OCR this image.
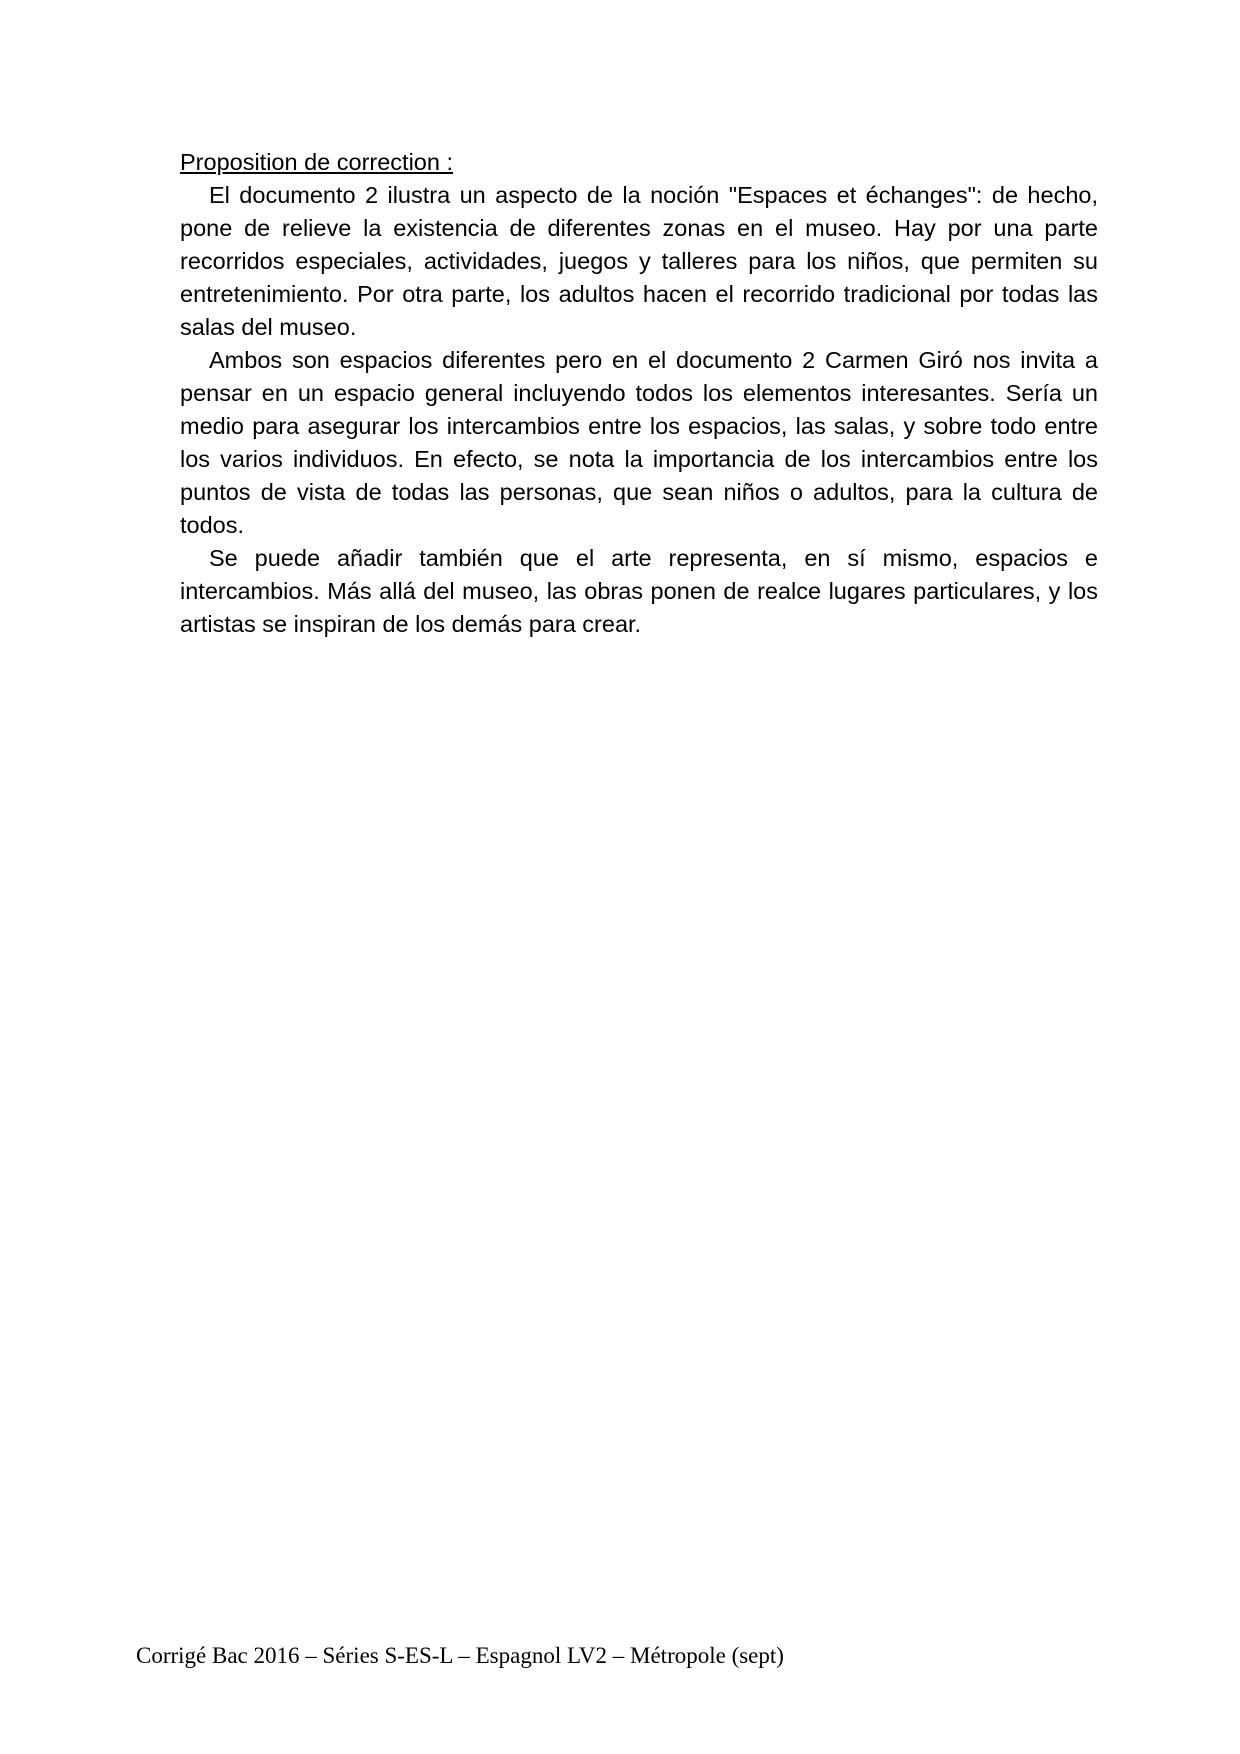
Proposition de correction :

El documento 2 ilustra un aspecto de la noción "Espaces et échanges": de hecho, pone de relieve la existencia de diferentes zonas en el museo. Hay por una parte recorridos especiales, actividades, juegos y talleres para los niños, que permiten su entretenimiento. Por otra parte, los adultos hacen el recorrido tradicional por todas las salas del museo.

Ambos son espacios diferentes pero en el documento 2 Carmen Giró nos invita a pensar en un espacio general incluyendo todos los elementos interesantes. Sería un medio para asegurar los intercambios entre los espacios, las salas, y sobre todo entre los varios individuos. En efecto, se nota la importancia de los intercambios entre los puntos de vista de todas las personas, que sean niños o adultos, para la cultura de todos.

Se puede añadir también que el arte representa, en sí mismo, espacios e intercambios. Más allá del museo, las obras ponen de realce lugares particulares, y los artistas se inspiran de los demás para crear.

Corrigé Bac 2016 – Séries S-ES-L – Espagnol LV2 – Métropole (sept)
